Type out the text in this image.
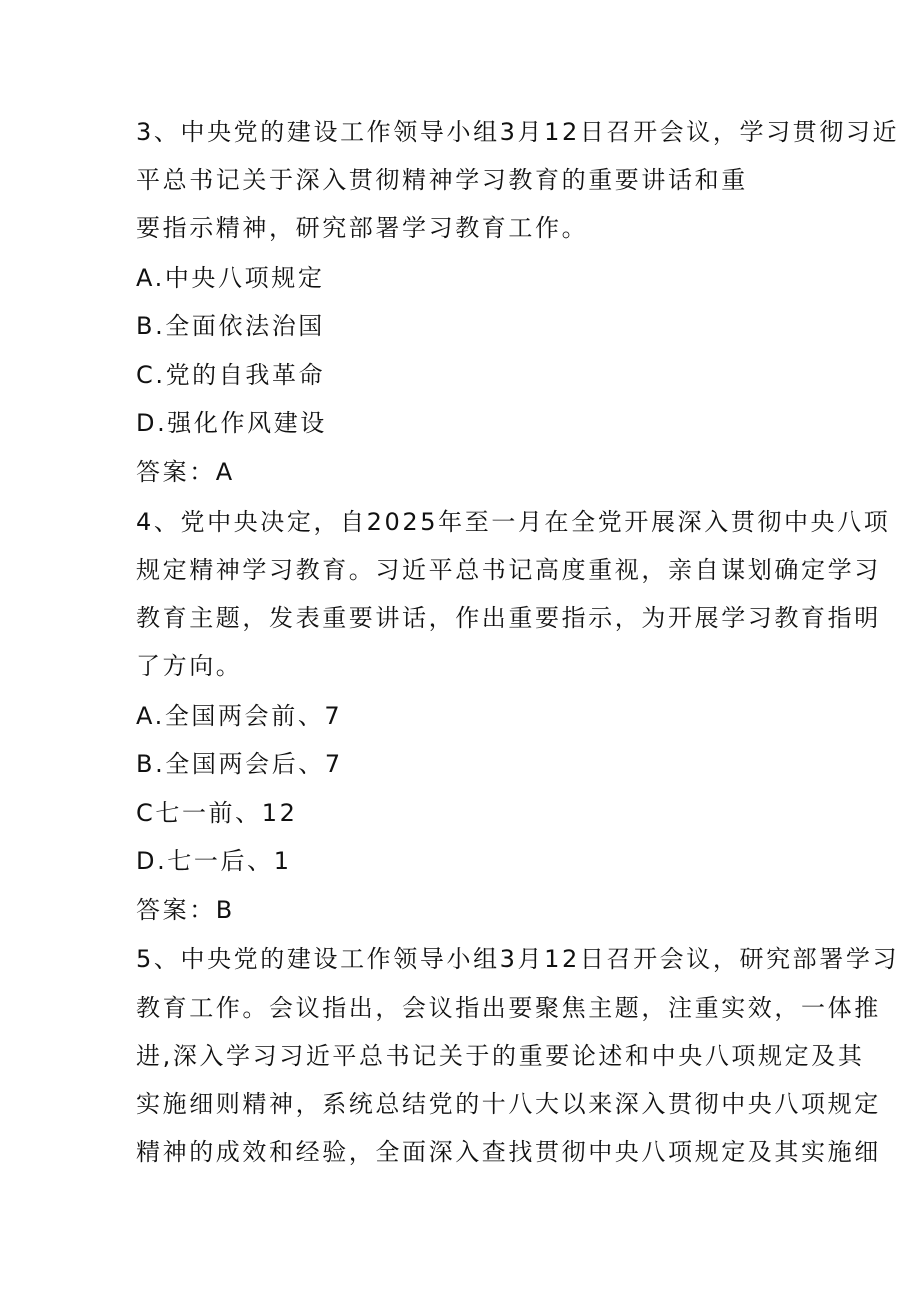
3、中央党的建设工作领导小组3月12日召开会议，学习贯彻习近
平总书记关于深入贯彻精神学习教育的重要讲话和重
要指示精神，研究部署学习教育工作。
A.中央八项规定
B.全面依法治国
C.党的自我革命
D.强化作风建设
答案：A
4、党中央决定，自2025年至一月在全党开展深入贯彻中央八项
规定精神学习教育。习近平总书记高度重视，亲自谋划确定学习
教育主题，发表重要讲话，作出重要指示，为开展学习教育指明
了方向。
A.全国两会前、7
B.全国两会后、7
C七一前、12
D.七一后、1
答案：B
5、中央党的建设工作领导小组3月12日召开会议，研究部署学习
教育工作。会议指出，会议指出要聚焦主题，注重实效，一体推
进,深入学习习近平总书记关于的重要论述和中央八项规定及其
实施细则精神，系统总结党的十八大以来深入贯彻中央八项规定
精神的成效和经验，全面深入查找贯彻中央八项规定及其实施细
